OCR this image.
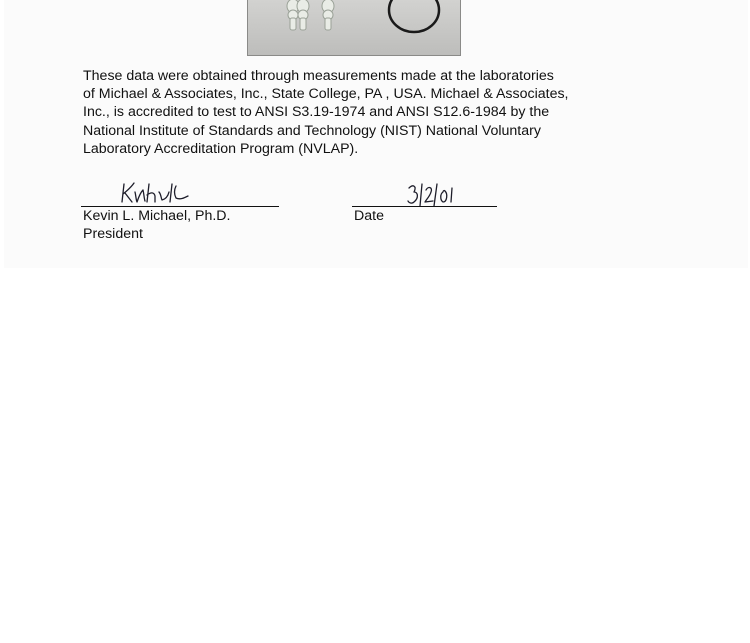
These data were obtained through measurements made at the laboratories
of Michael & Associates, Inc., State College, PA , USA. Michael & Associates,
Inc., is accredited to test to ANSI S3.19-1974 and ANSI S12.6-1984 by the
National Institute of Standards and Technology (NIST) National Voluntary
Laboratory Accreditation Program (NVLAP).

Kevin L. Michael, Ph.D.
President
Date
